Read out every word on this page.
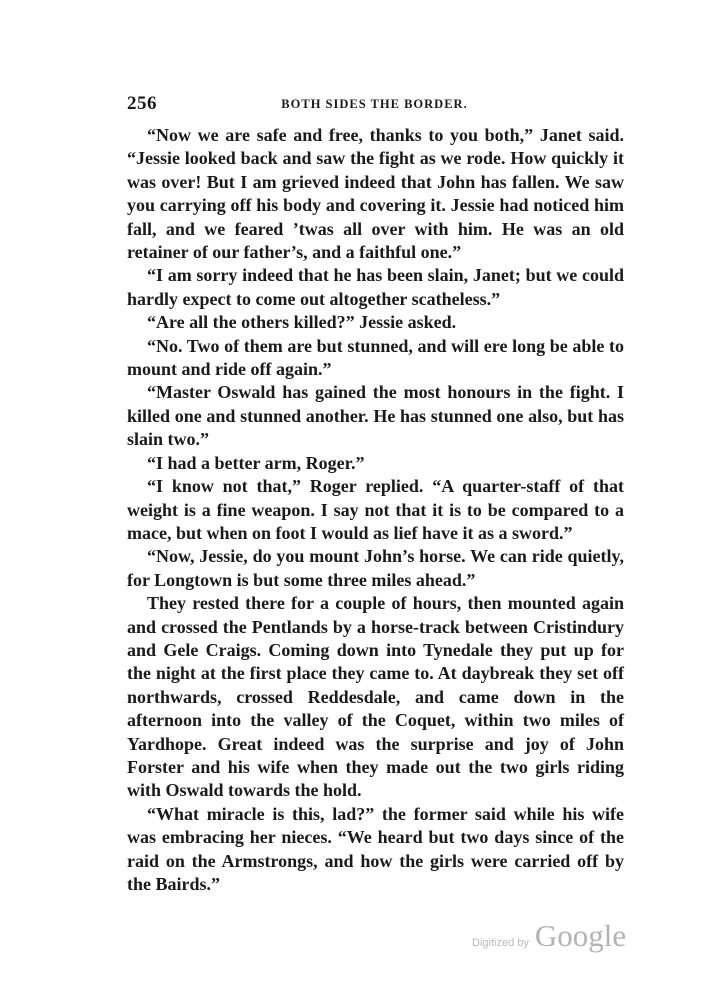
256	BOTH SIDES THE BORDER.

“Now we are safe and free, thanks to you both,” Janet said. “Jessie looked back and saw the fight as we rode. How quickly it was over! But I am grieved indeed that John has fallen. We saw you carrying off his body and covering it. Jessie had noticed him fall, and we feared ’twas all over with him. He was an old retainer of our father’s, and a faithful one.”

“I am sorry indeed that he has been slain, Janet; but we could hardly expect to come out altogether scatheless.”

“Are all the others killed?” Jessie asked.

“No. Two of them are but stunned, and will ere long be able to mount and ride off again.”

“Master Oswald has gained the most honours in the fight. I killed one and stunned another. He has stunned one also, but has slain two.”

“I had a better arm, Roger.”

“I know not that,” Roger replied. “A quarter-staff of that weight is a fine weapon. I say not that it is to be compared to a mace, but when on foot I would as lief have it as a sword.”

“Now, Jessie, do you mount John’s horse. We can ride quietly, for Longtown is but some three miles ahead.”

They rested there for a couple of hours, then mounted again and crossed the Pentlands by a horse-track between Cristindury and Gele Craigs. Coming down into Tynedale they put up for the night at the first place they came to. At daybreak they set off northwards, crossed Reddesdale, and came down in the afternoon into the valley of the Coquet, within two miles of Yardhope. Great indeed was the surprise and joy of John Forster and his wife when they made out the two girls riding with Oswald towards the hold.

“What miracle is this, lad?” the former said while his wife was embracing her nieces. “We heard but two days since of the raid on the Armstrongs, and how the girls were carried off by the Bairds.”

Digitized by Google
